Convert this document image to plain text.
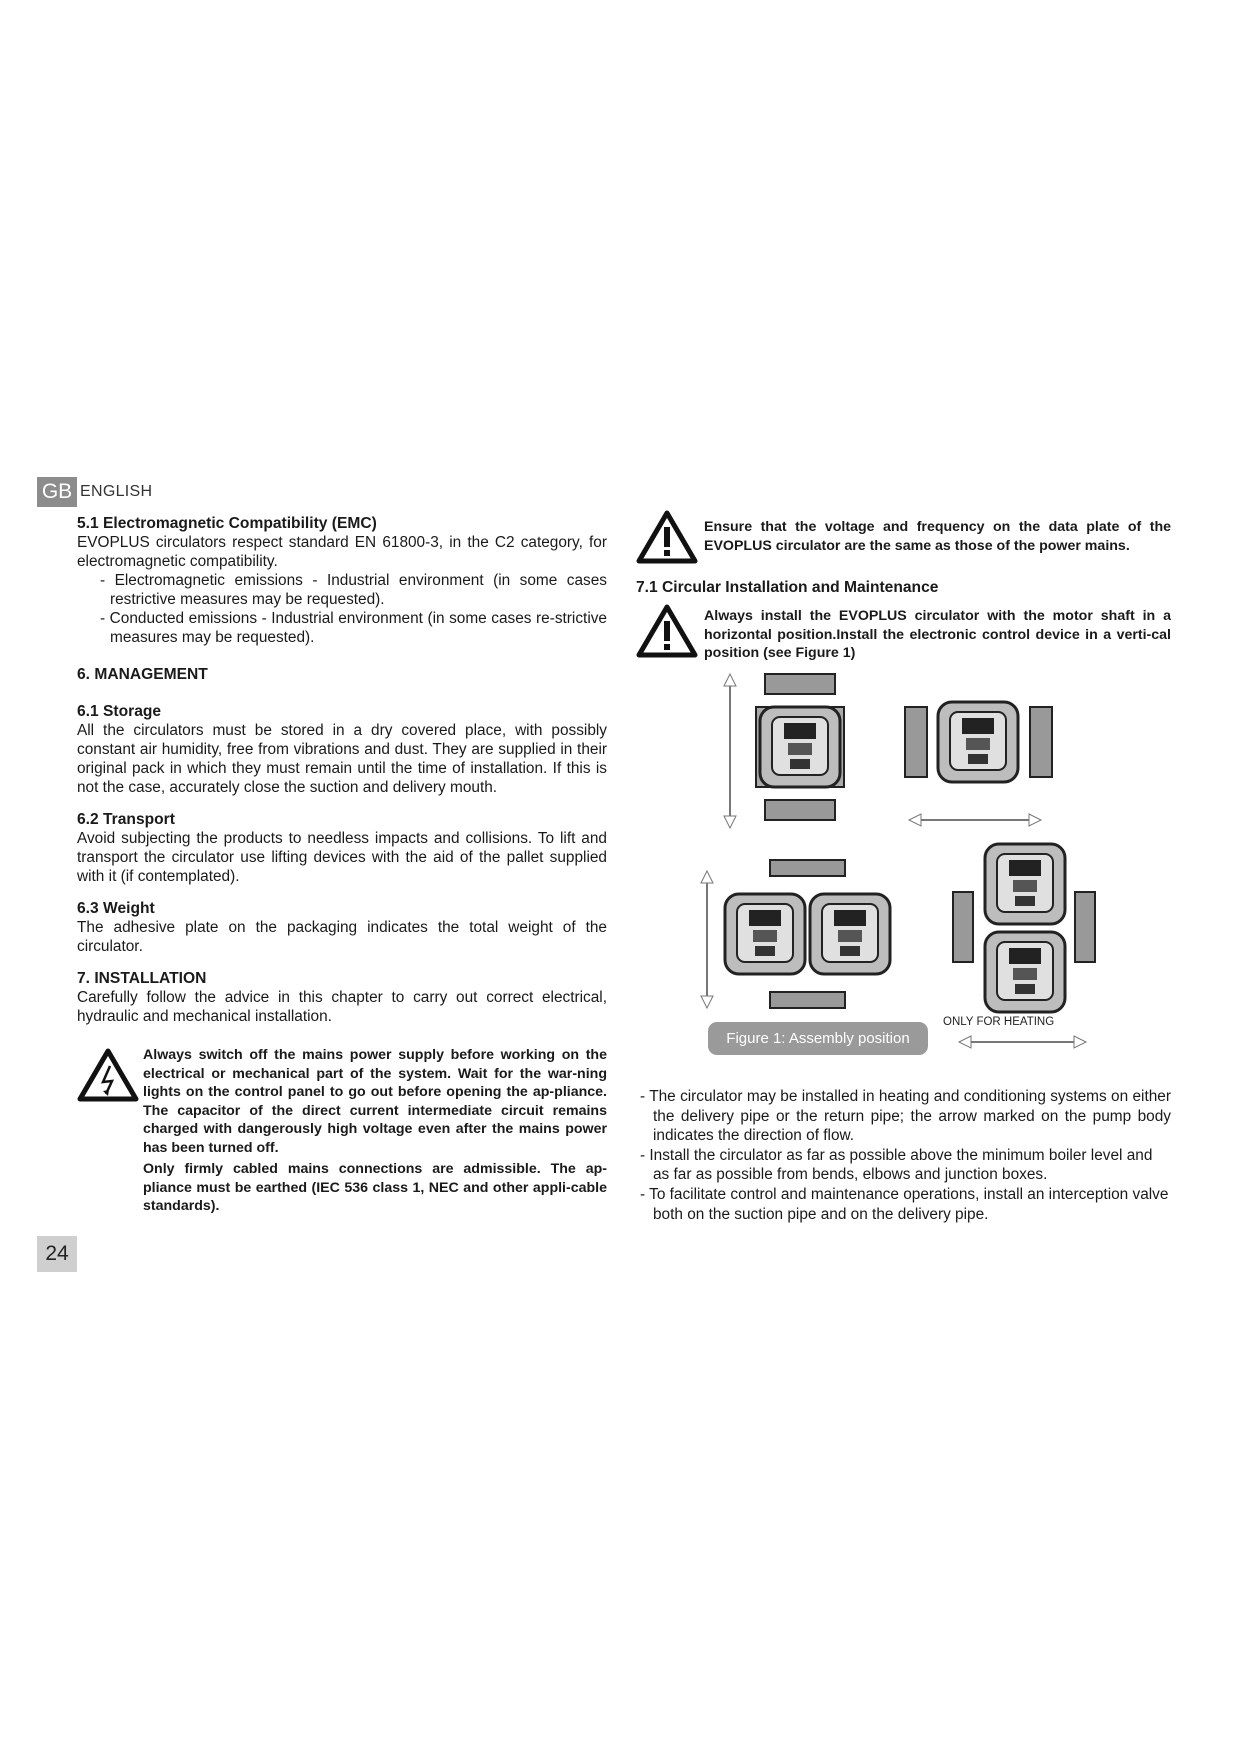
GB ENGLISH
5.1 Electromagnetic Compatibility (EMC)

EVOPLUS circulators respect standard EN 61800-3, in the C2 category, for electromagnetic compatibility.

- Electromagnetic emissions - Industrial environment (in some cases restrictive measures may be requested).

- Conducted emissions - Industrial environment (in some cases re-strictive measures may be requested).

6. MANAGEMENT
6.1 Storage

All the circulators must be stored in a dry covered place, with possibly constant air humidity, free from vibrations and dust. They are supplied in their original pack in which they must remain until the time of installation. If this is not the case, accurately close the suction and delivery mouth.

6.2 Transport

Avoid subjecting the products to needless impacts and collisions. To lift and transport the circulator use lifting devices with the aid of the pallet supplied with it (if contemplated).

6.3 Weight

The adhesive plate on the packaging indicates the total weight of the circulator.

7. INSTALLATION

Carefully follow the advice in this chapter to carry out correct electrical, hydraulic and mechanical installation.

Always switch off the mains power supply before working on the electrical or mechanical part of the system. Wait for the war-ning lights on the control panel to go out before opening the ap-pliance. The capacitor of the direct current intermediate circuit remains charged with dangerously high voltage even after the mains power has been turned off.

Only firmly cabled mains connections are admissible. The ap-pliance must be earthed (IEC 536 class 1, NEC and other appli-cable standards).

Ensure that the voltage and frequency on the data plate of the EVOPLUS circulator are the same as those of the power mains.

7.1 Circular Installation and Maintenance

Always install the EVOPLUS circulator with the motor shaft in a horizontal position.Install the electronic control device in a verti-cal position (see Figure 1)

Figure 1: Assembly position
ONLY FOR HEATING

- The circulator may be installed in heating and conditioning systems on either the delivery pipe or the return pipe; the arrow marked on the pump body indicates the direction of flow.

- Install the circulator as far as possible above the minimum boiler level and as far as possible from bends, elbows and junction boxes.

- To facilitate control and maintenance operations, install an interception valve both on the suction pipe and on the delivery pipe.

24
